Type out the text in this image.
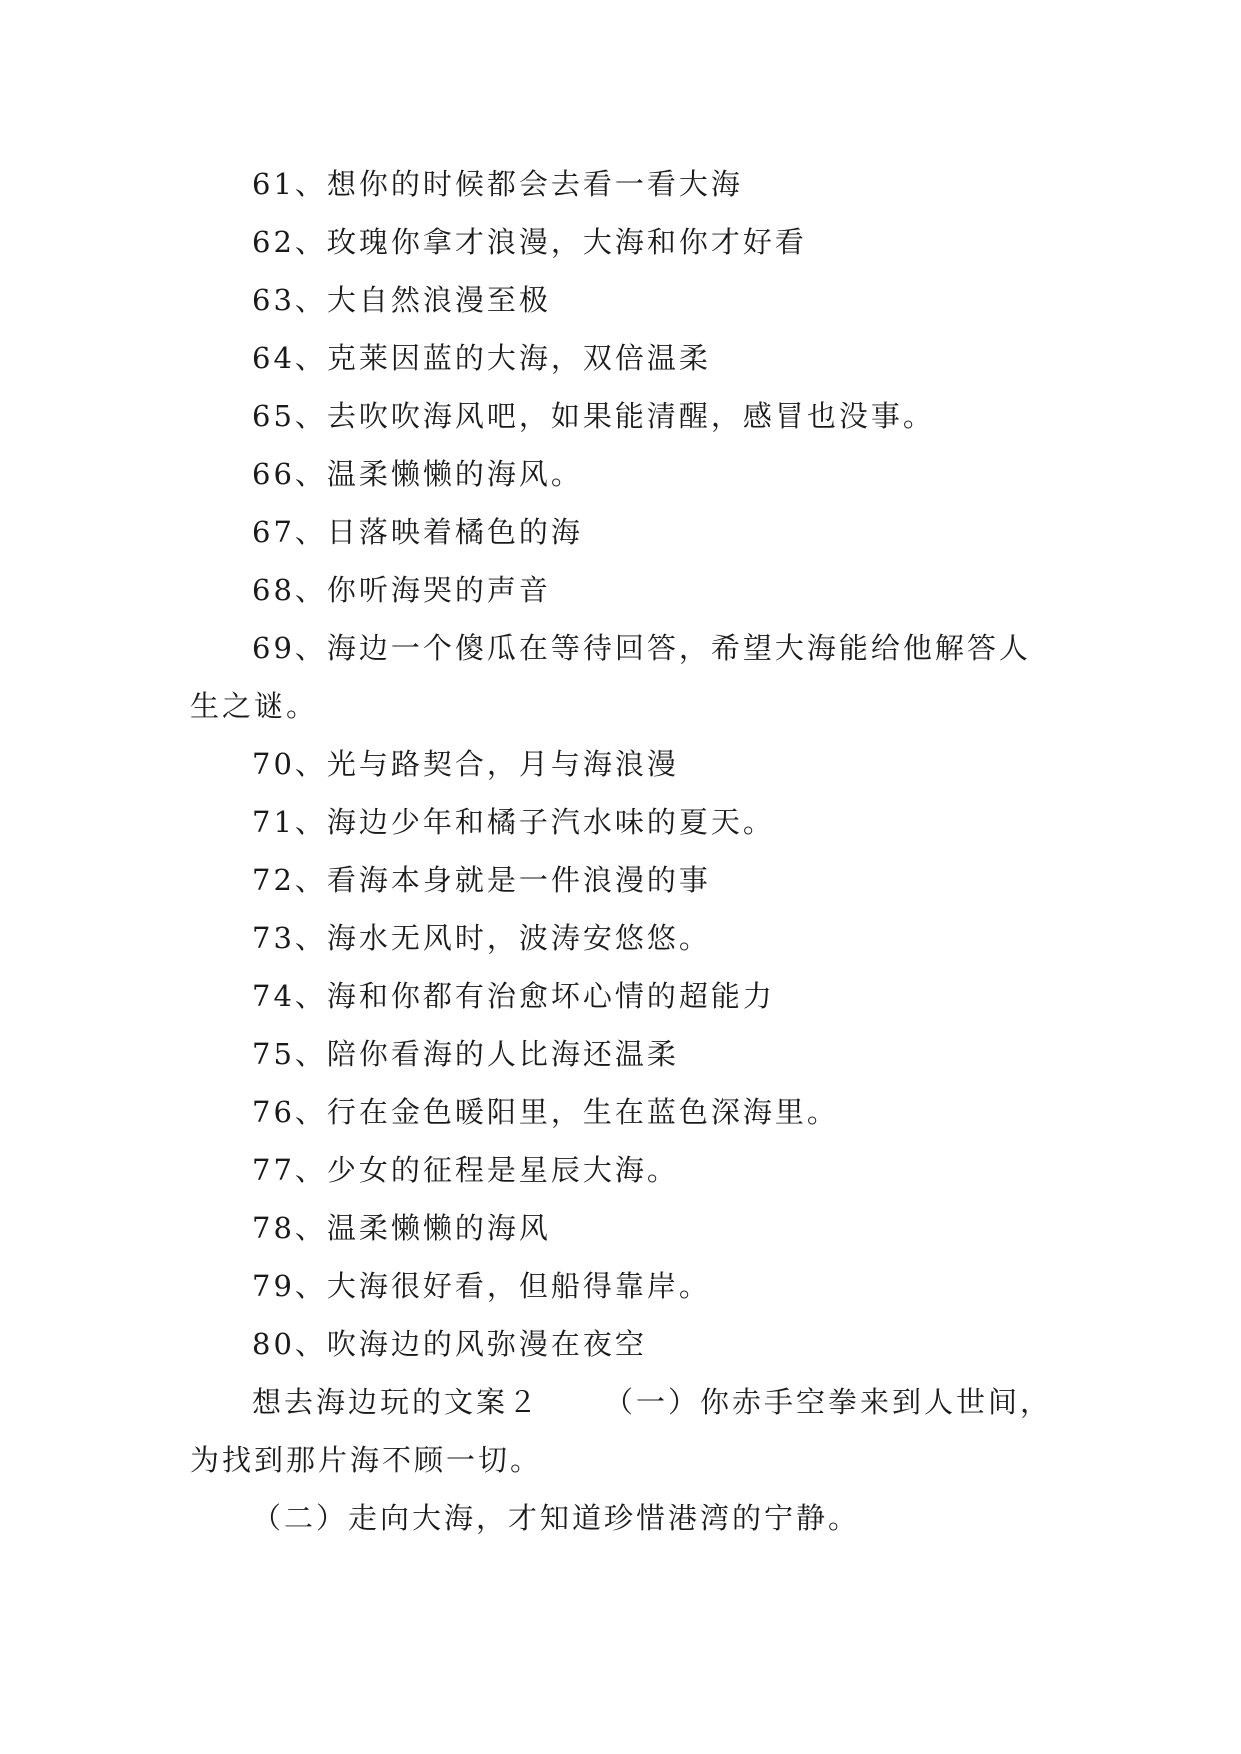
61、想你的时候都会去看一看大海
62、玫瑰你拿才浪漫，大海和你才好看
63、大自然浪漫至极
64、克莱因蓝的大海，双倍温柔
65、去吹吹海风吧，如果能清醒，感冒也没事。
66、温柔懒懒的海风。
67、日落映着橘色的海
68、你听海哭的声音
69、海边一个傻瓜在等待回答，希望大海能给他解答人
生之谜。
70、光与路契合，月与海浪漫
71、海边少年和橘子汽水味的夏天。
72、看海本身就是一件浪漫的事
73、海水无风时，波涛安悠悠。
74、海和你都有治愈坏心情的超能力
75、陪你看海的人比海还温柔
76、行在金色暖阳里，生在蓝色深海里。
77、少女的征程是星辰大海。
78、温柔懒懒的海风
79、大海很好看，但船得靠岸。
80、吹海边的风弥漫在夜空
想去海边玩的文案２ （一）你赤手空拳来到人世间，
为找到那片海不顾一切。
（二）走向大海，才知道珍惜港湾的宁静。
